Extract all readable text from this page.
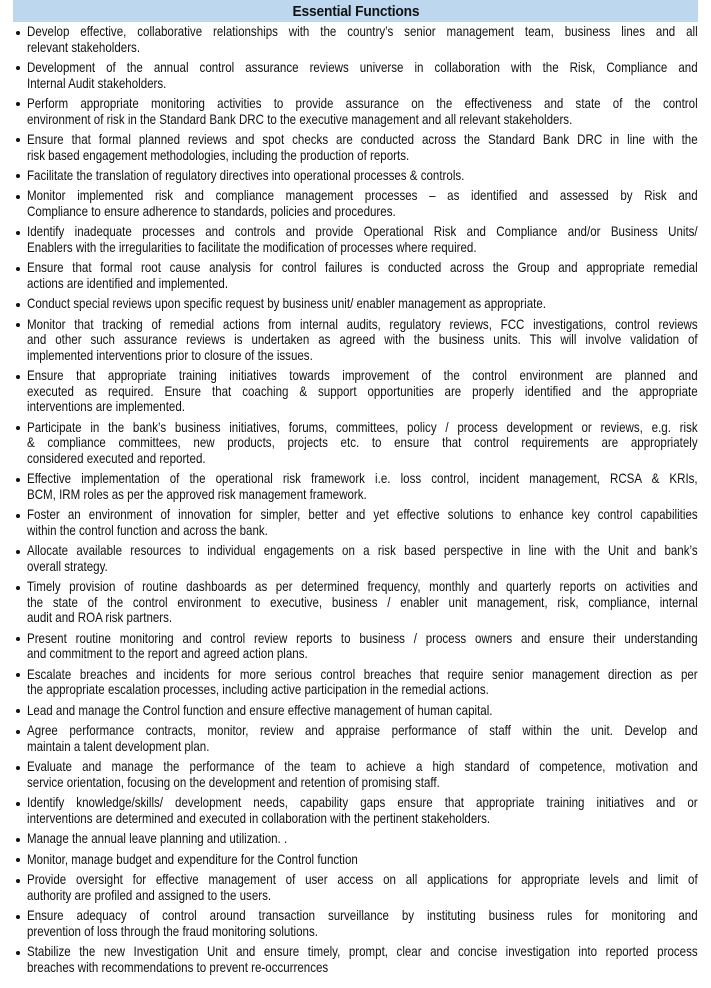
Essential Functions
Develop effective, collaborative relationships with the country’s senior management team, business lines and all
relevant stakeholders.
Development of the annual control assurance reviews universe in collaboration with the Risk, Compliance and
Internal Audit stakeholders.
Perform appropriate monitoring activities to provide assurance on the effectiveness and state of the control
environment of risk in the Standard Bank DRC to the executive management and all relevant stakeholders.
Ensure that formal planned reviews and spot checks are conducted across the Standard Bank DRC in line with the
risk based engagement methodologies, including the production of reports.
Facilitate the translation of regulatory directives into operational processes & controls.
Monitor implemented risk and compliance management processes – as identified and assessed by Risk and
Compliance to ensure adherence to standards, policies and procedures.
Identify inadequate processes and controls and provide Operational Risk and Compliance and/or Business Units/
Enablers with the irregularities to facilitate the modification of processes where required.
Ensure that formal root cause analysis for control failures is conducted across the Group and appropriate remedial
actions are identified and implemented.
Conduct special reviews upon specific request by business unit/ enabler management as appropriate.
Monitor that tracking of remedial actions from internal audits, regulatory reviews, FCC investigations, control reviews
and other such assurance reviews is undertaken as agreed with the business units. This will involve validation of
implemented interventions prior to closure of the issues.
Ensure that appropriate training initiatives towards improvement of the control environment are planned and
executed as required. Ensure that coaching & support opportunities are properly identified and the appropriate
interventions are implemented.
Participate in the bank’s business initiatives, forums, committees, policy / process development or reviews, e.g. risk
& compliance committees, new products, projects etc. to ensure that control requirements are appropriately
considered executed and reported.
Effective implementation of the operational risk framework i.e. loss control, incident management, RCSA & KRIs,
BCM, IRM roles as per the approved risk management framework.
Foster an environment of innovation for simpler, better and yet effective solutions to enhance key control capabilities
within the control function and across the bank.
Allocate available resources to individual engagements on a risk based perspective in line with the Unit and bank’s
overall strategy.
Timely provision of routine dashboards as per determined frequency, monthly and quarterly reports on activities and
the state of the control environment to executive, business / enabler unit management, risk, compliance, internal
audit and ROA risk partners.
Present routine monitoring and control review reports to business / process owners and ensure their understanding
and commitment to the report and agreed action plans.
Escalate breaches and incidents for more serious control breaches that require senior management direction as per
the appropriate escalation processes, including active participation in the remedial actions.
Lead and manage the Control function and ensure effective management of human capital.
Agree performance contracts, monitor, review and appraise performance of staff within the unit. Develop and
maintain a talent development plan.
Evaluate and manage the performance of the team to achieve a high standard of competence, motivation and
service orientation, focusing on the development and retention of promising staff.
Identify knowledge/skills/ development needs, capability gaps ensure that appropriate training initiatives and or
interventions are determined and executed in collaboration with the pertinent stakeholders.
Manage the annual leave planning and utilization. .
Monitor, manage budget and expenditure for the Control function
Provide oversight for effective management of user access on all applications for appropriate levels and limit of
authority are profiled and assigned to the users.
Ensure adequacy of control around transaction surveillance by instituting business rules for monitoring and
prevention of loss through the fraud monitoring solutions.
Stabilize the new Investigation Unit and ensure timely, prompt, clear and concise investigation into reported process
breaches with recommendations to prevent re-occurrences
